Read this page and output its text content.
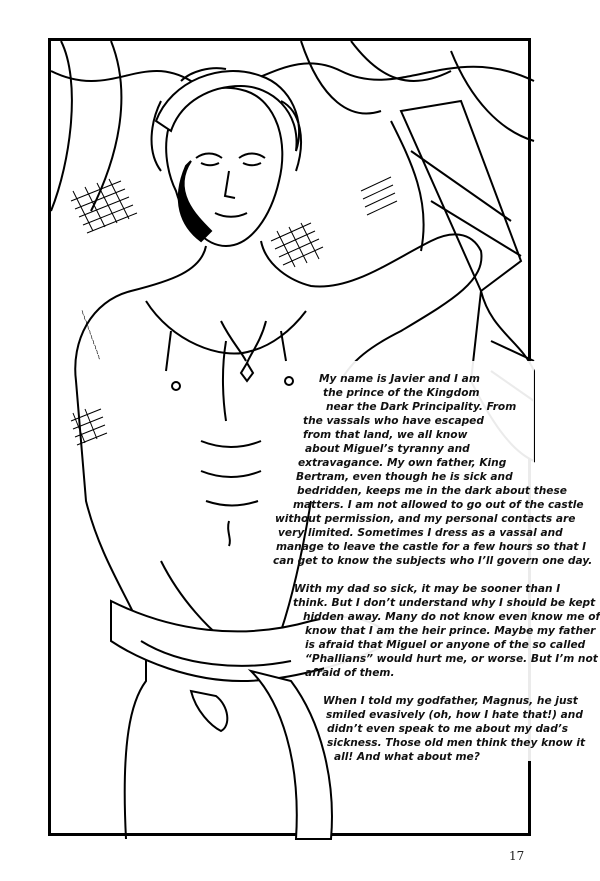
~~~~~~~~~~
My name is Javier and I am
the prince of the Kingdom
near the Dark Principality. From
the vassals who have escaped
from that land, we all know
about Miguel’s tyranny and
extravagance. My own father, King
Bertram, even though he is sick and
bedridden, keeps me in the dark about these
matters. I am not allowed to go out of the castle
without permission, and my personal contacts are
very limited. Sometimes I dress as a vassal and
manage to leave the castle for a few hours so that I
can get to know the subjects who I’ll govern one day.
With my dad so sick, it may be sooner than I
think. But I don’t understand why I should be kept
hidden away. Many do not know even know me of
know that I am the heir prince. Maybe my father
is afraid that Miguel or anyone of the so called
“Phallians” would hurt me, or worse. But I’m not
afraid of them.
When I told my godfather, Magnus, he just
smiled evasively (oh, how I hate that!) and
didn’t even speak to me about my dad’s
sickness. Those old men think they know it
all! And what about me?
17
